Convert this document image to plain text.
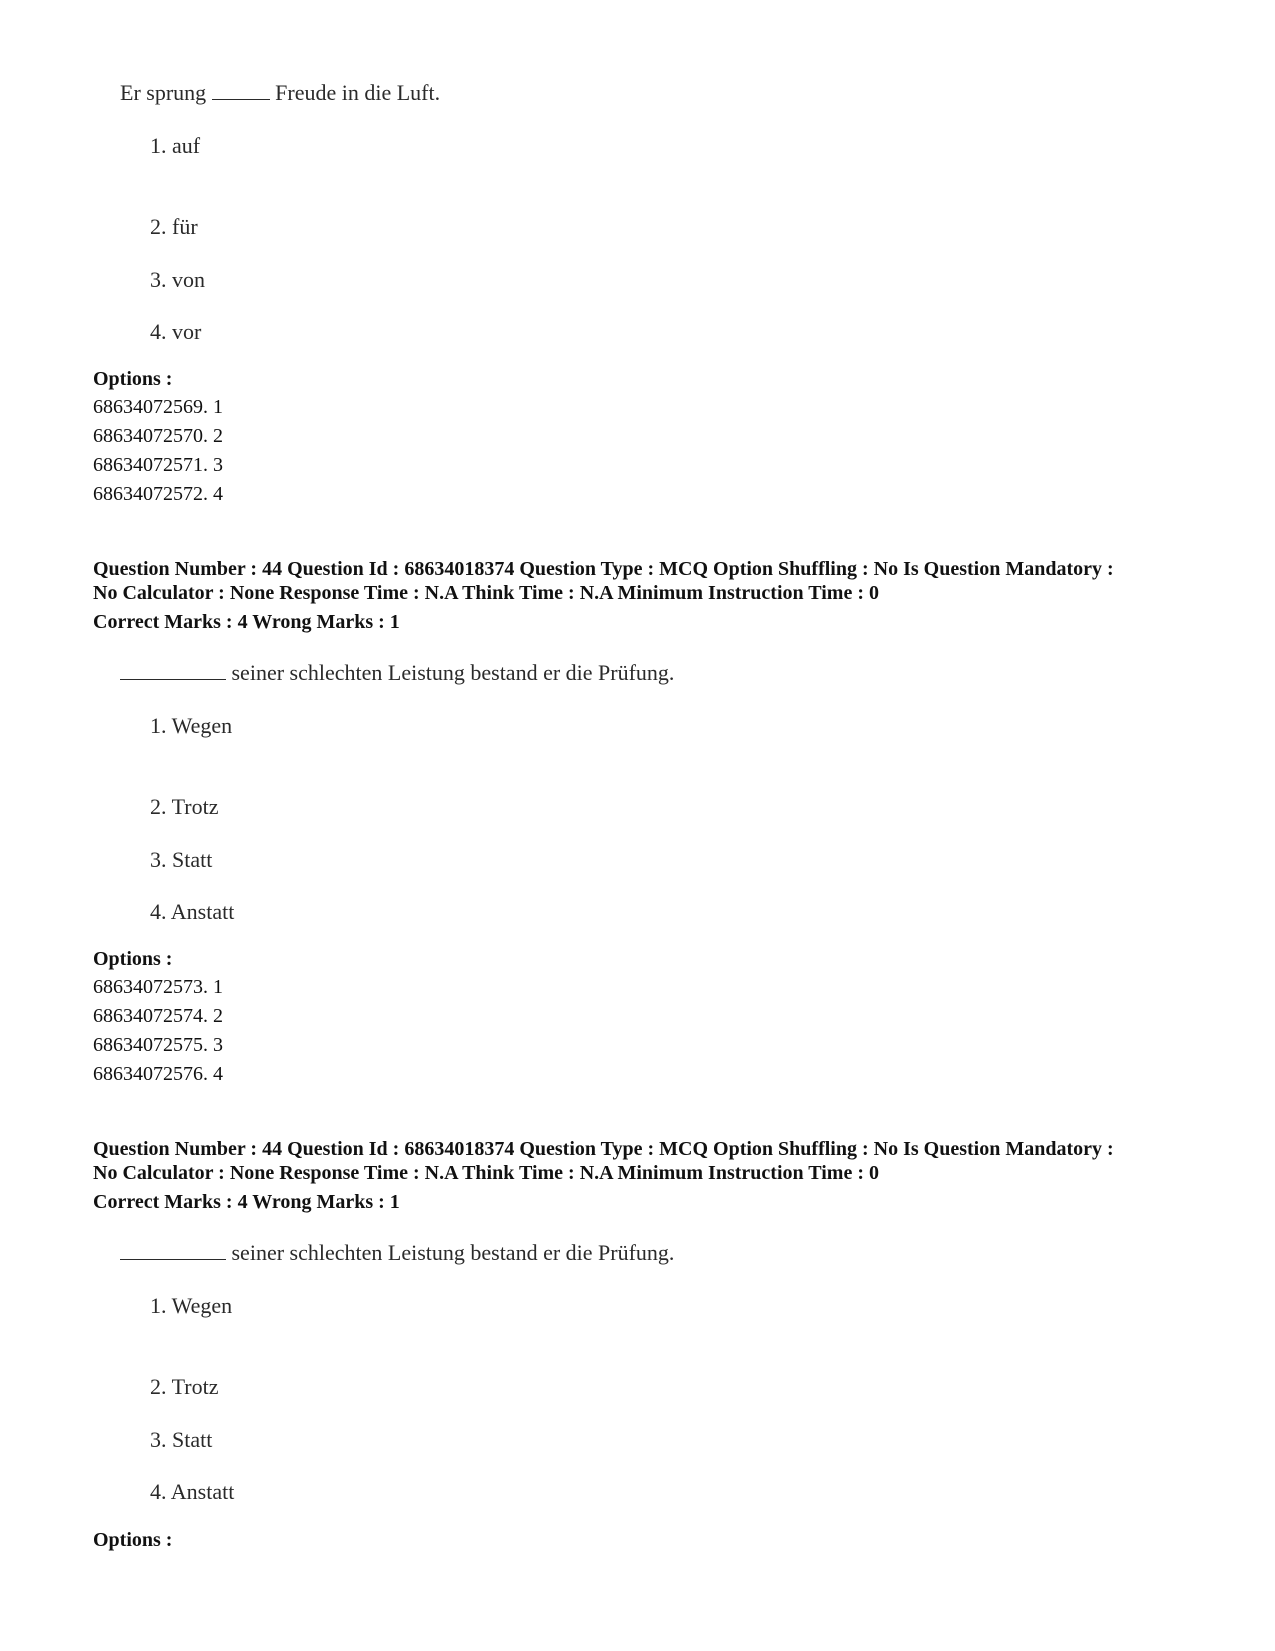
Er sprung	Freude in die Luft.
1. auf
2. für
3. von
4. vor
Options :
68634072569. 1
68634072570. 2
68634072571. 3
68634072572. 4
Question Number : 44 Question Id : 68634018374 Question Type : MCQ Option Shuffling : No Is Question Mandatory :
No Calculator : None Response Time : N.A Think Time : N.A Minimum Instruction Time : 0
Correct Marks : 4 Wrong Marks : 1
seiner schlechten Leistung bestand er die Prüfung.
1. Wegen
2. Trotz
3. Statt
4. Anstatt
Options :
68634072573. 1
68634072574. 2
68634072575. 3
68634072576. 4
Question Number : 44 Question Id : 68634018374 Question Type : MCQ Option Shuffling : No Is Question Mandatory :
No Calculator : None Response Time : N.A Think Time : N.A Minimum Instruction Time : 0
Correct Marks : 4 Wrong Marks : 1
seiner schlechten Leistung bestand er die Prüfung.
1. Wegen
2. Trotz
3. Statt
4. Anstatt
Options :
